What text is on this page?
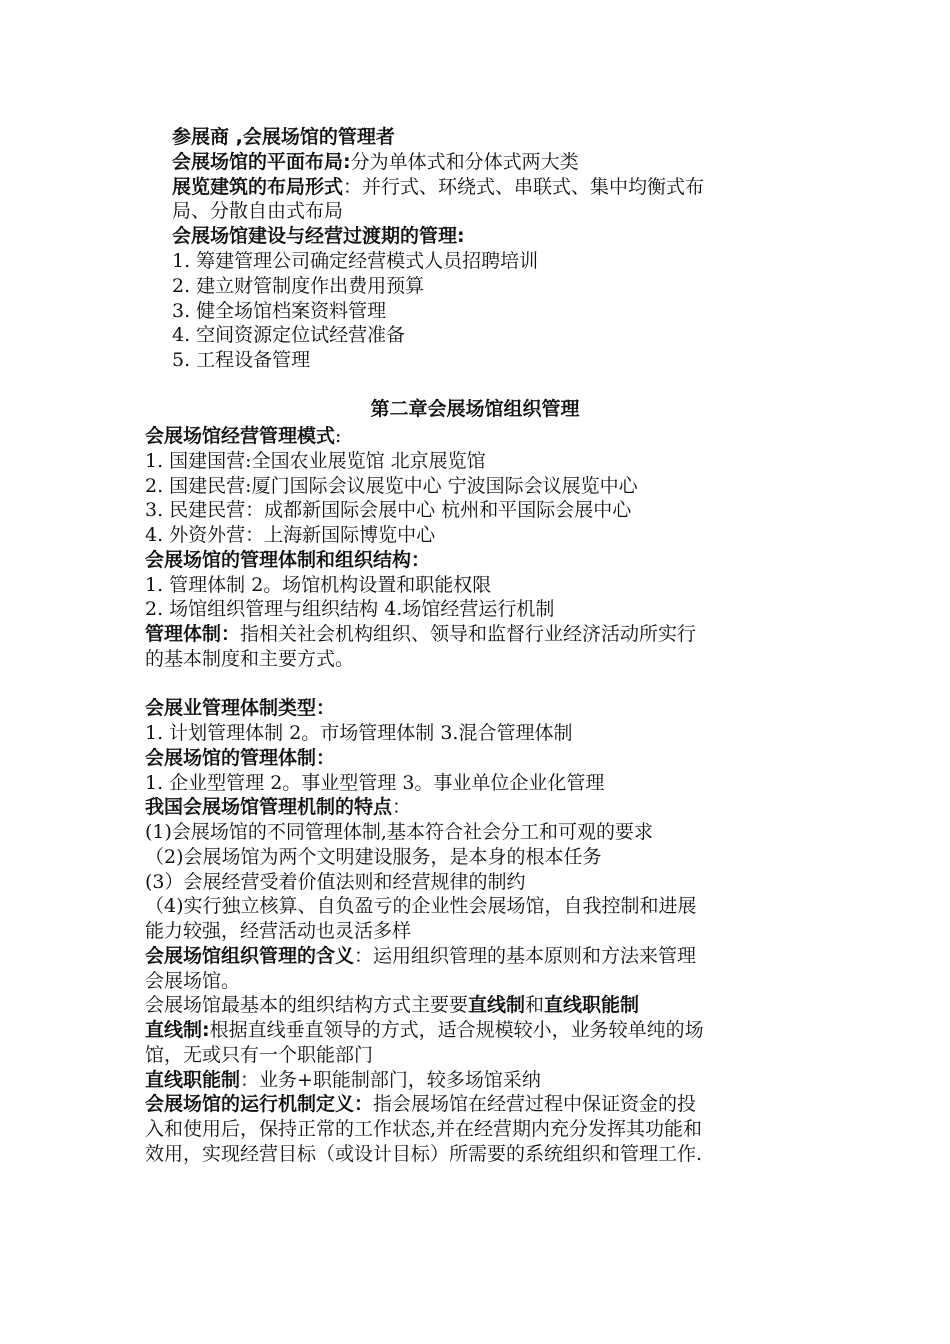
参展商 ,会展场馆的管理者
会展场馆的平面布局:分为单体式和分体式两大类
展览建筑的布局形式：并行式、环绕式、串联式、集中均衡式布
局、分散自由式布局
会展场馆建设与经营过渡期的管理:
1. 筹建管理公司确定经营模式人员招聘培训
2. 建立财管制度作出费用预算
3. 健全场馆档案资料管理
4. 空间资源定位试经营准备
5. 工程设备管理
第二章会展场馆组织管理
会展场馆经营管理模式:
1. 国建国营:全国农业展览馆 北京展览馆
2. 国建民营:厦门国际会议展览中心 宁波国际会议展览中心
3. 民建民营：成都新国际会展中心 杭州和平国际会展中心
4. 外资外营：上海新国际博览中心
会展场馆的管理体制和组织结构：
1. 管理体制 2。场馆机构设置和职能权限
2. 场馆组织管理与组织结构 4.场馆经营运行机制
管理体制：指相关社会机构组织、领导和监督行业经济活动所实行
的基本制度和主要方式。
会展业管理体制类型：
1. 计划管理体制 2。市场管理体制 3.混合管理体制
会展场馆的管理体制：
1. 企业型管理 2。事业型管理 3。事业单位企业化管理
我国会展场馆管理机制的特点：
(1)会展场馆的不同管理体制,基本符合社会分工和可观的要求
（2)会展场馆为两个文明建设服务，是本身的根本任务
(3）会展经营受着价值法则和经营规律的制约
（4)实行独立核算、自负盈亏的企业性会展场馆，自我控制和进展
能力较强，经营活动也灵活多样
会展场馆组织管理的含义：运用组织管理的基本原则和方法来管理
会展场馆。
会展场馆最基本的组织结构方式主要要直线制和直线职能制
直线制:根据直线垂直领导的方式，适合规模较小，业务较单纯的场
馆，无或只有一个职能部门
直线职能制：业务+职能制部门，较多场馆采纳
会展场馆的运行机制定义：指会展场馆在经营过程中保证资金的投
入和使用后，保持正常的工作状态,并在经营期内充分发挥其功能和
效用，实现经营目标（或设计目标）所需要的系统组织和管理工作.
